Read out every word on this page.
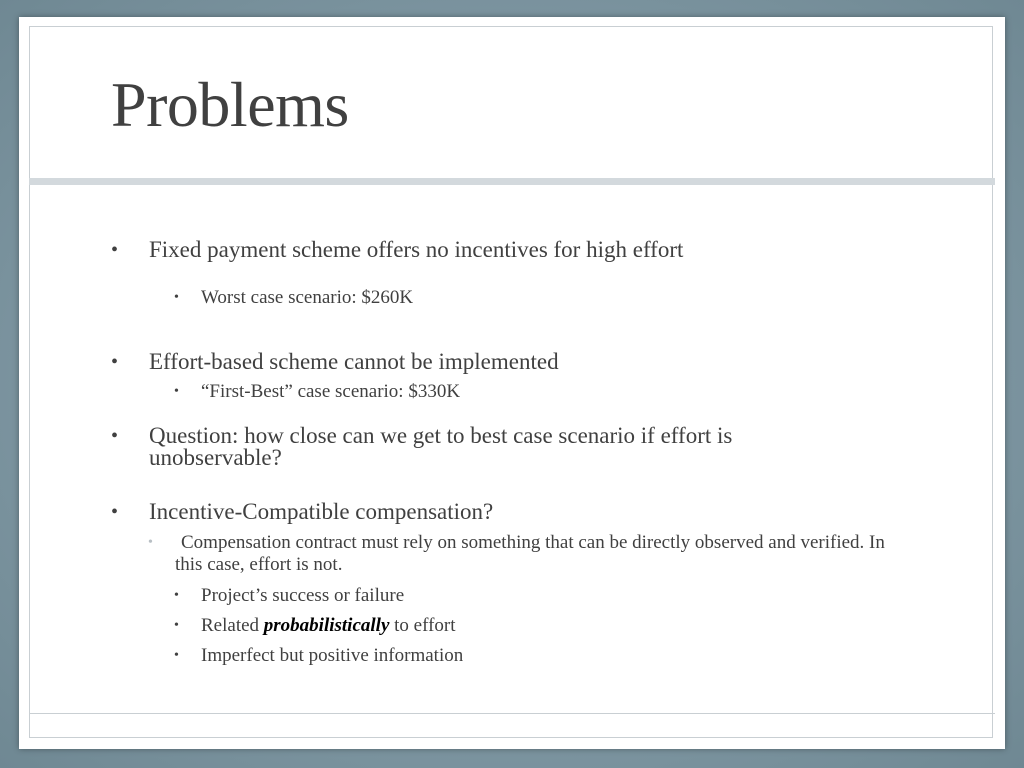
Problems
• Fixed payment scheme offers no incentives for high effort
• Worst case scenario: $260K
• Effort-based scheme cannot be implemented
• “First-Best” case scenario: $330K
• Question: how close can we get to best case scenario if effort is unobservable?
• Incentive-Compatible compensation?
•	Compensation contract must rely on something that can be directly observed and verified. In this case, effort is not.
• Project’s success or failure
• Related probabilistically to effort
• Imperfect but positive information
